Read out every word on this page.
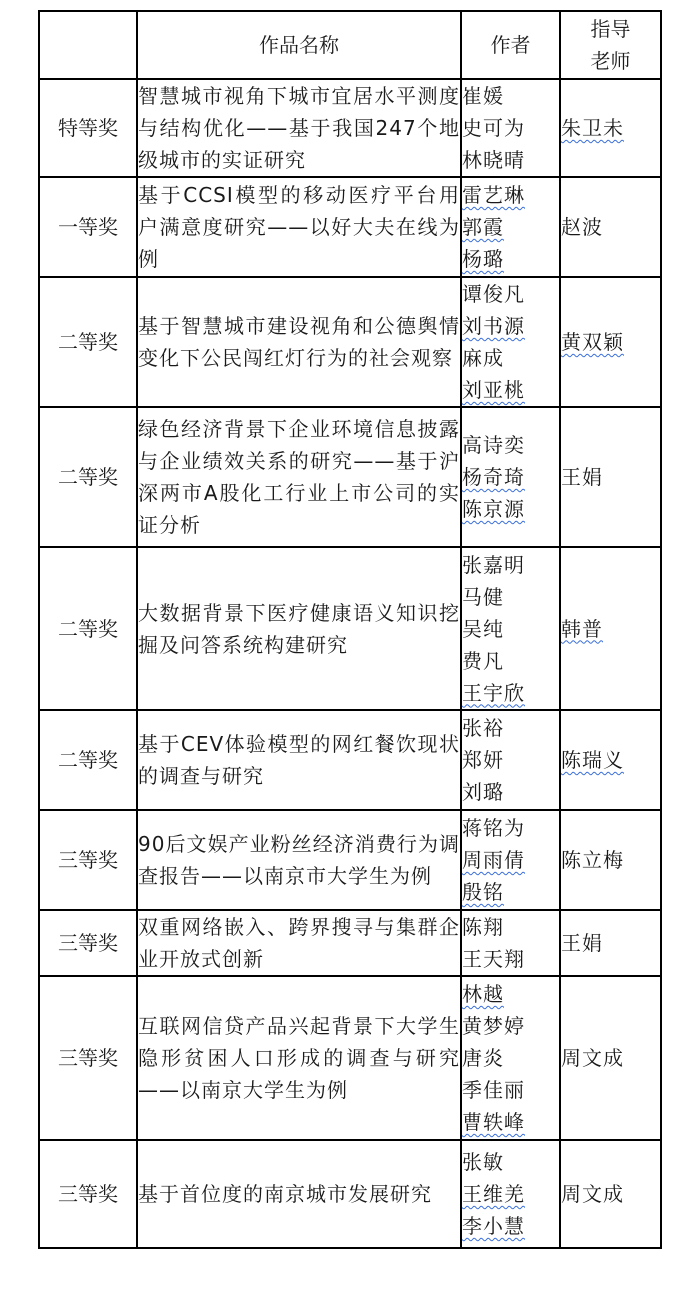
	作品名称	作者	指导
老师

特等奖	智慧城市视角下城市宜居水平测度与结构优化——基于我国247个地级城市的实证研究	崔媛
史可为
林晓晴	朱卫未
一等奖	基于CCSI模型的移动医疗平台用户满意度研究——以好大夫在线为例	雷艺琳
郭霞
杨璐	赵波
二等奖	基于智慧城市建设视角和公德舆情变化下公民闯红灯行为的社会观察	谭俊凡
刘书源
麻成
刘亚桃	黄双颖
二等奖	绿色经济背景下企业环境信息披露与企业绩效关系的研究——基于沪深两市A股化工行业上市公司的实证分析	高诗奕
杨奇琦
陈京源	王娟
二等奖	大数据背景下医疗健康语义知识挖掘及问答系统构建研究	张嘉明
马健
吴纯
费凡
王宇欣	韩普
二等奖	基于CEV体验模型的网红餐饮现状的调查与研究	张裕
郑妍
刘璐	陈瑞义
三等奖	90后文娱产业粉丝经济消费行为调查报告——以南京市大学生为例	蒋铭为
周雨倩
殷铭	陈立梅
三等奖	双重网络嵌入、跨界搜寻与集群企业开放式创新	陈翔
王天翔	王娟
三等奖	互联网信贷产品兴起背景下大学生隐形贫困人口形成的调查与研究——以南京大学生为例	林越
黄梦婷
唐炎
季佳丽
曹轶峰	周文成
三等奖	基于首位度的南京城市发展研究	张敏
王维羌
李小慧	周文成
